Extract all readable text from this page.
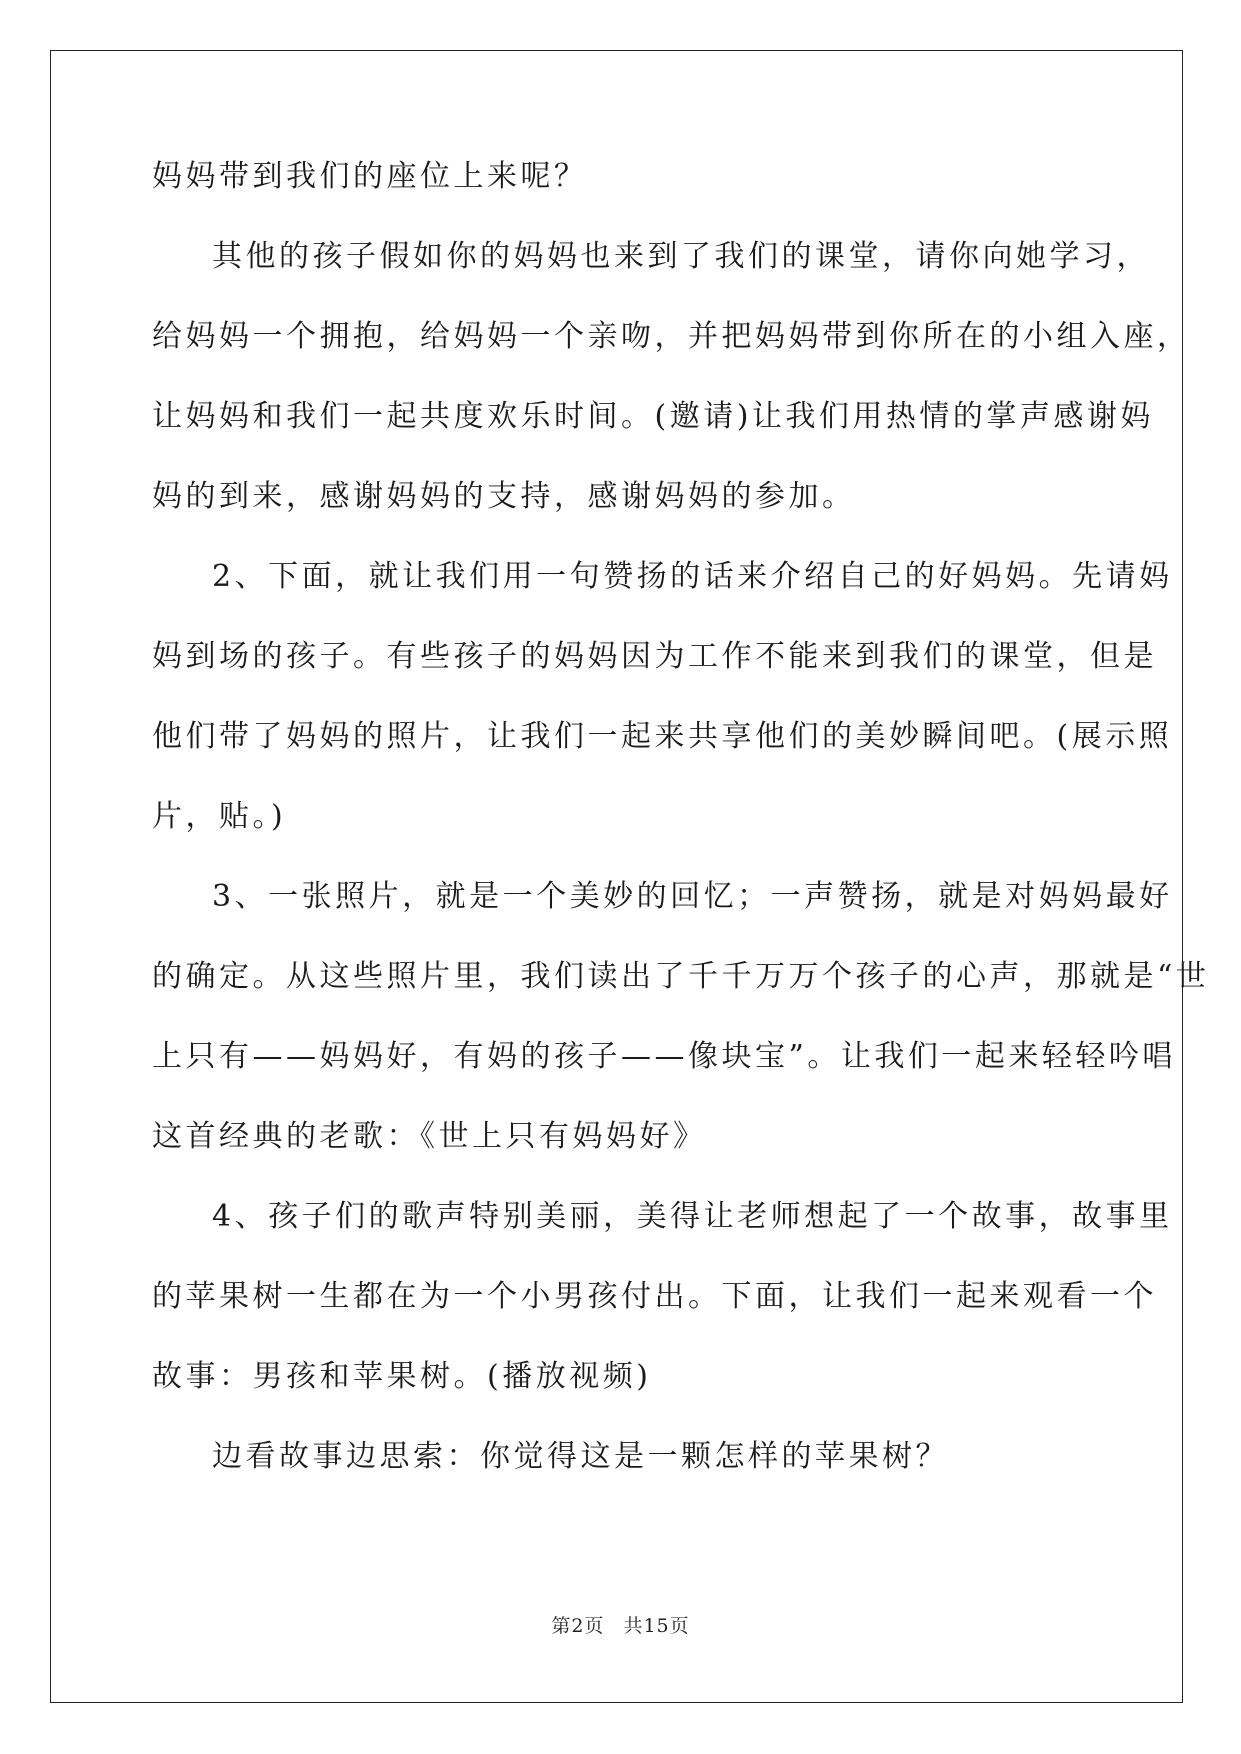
妈妈带到我们的座位上来呢？
其他的孩子假如你的妈妈也来到了我们的课堂，请你向她学习，
给妈妈一个拥抱，给妈妈一个亲吻，并把妈妈带到你所在的小组入座，
让妈妈和我们一起共度欢乐时间。(邀请)让我们用热情的掌声感谢妈
妈的到来，感谢妈妈的支持，感谢妈妈的参加。
2、下面，就让我们用一句赞扬的话来介绍自己的好妈妈。先请妈
妈到场的孩子。有些孩子的妈妈因为工作不能来到我们的课堂，但是
他们带了妈妈的照片，让我们一起来共享他们的美妙瞬间吧。(展示照
片，贴。)
3、一张照片，就是一个美妙的回忆；一声赞扬，就是对妈妈最好
的确定。从这些照片里，我们读出了千千万万个孩子的心声，那就是“世
上只有——妈妈好，有妈的孩子——像块宝”。让我们一起来轻轻吟唱
这首经典的老歌：《世上只有妈妈好》
4、孩子们的歌声特别美丽，美得让老师想起了一个故事，故事里
的苹果树一生都在为一个小男孩付出。下面，让我们一起来观看一个
故事：男孩和苹果树。(播放视频)
边看故事边思索：你觉得这是一颗怎样的苹果树？
第2页 共15页
